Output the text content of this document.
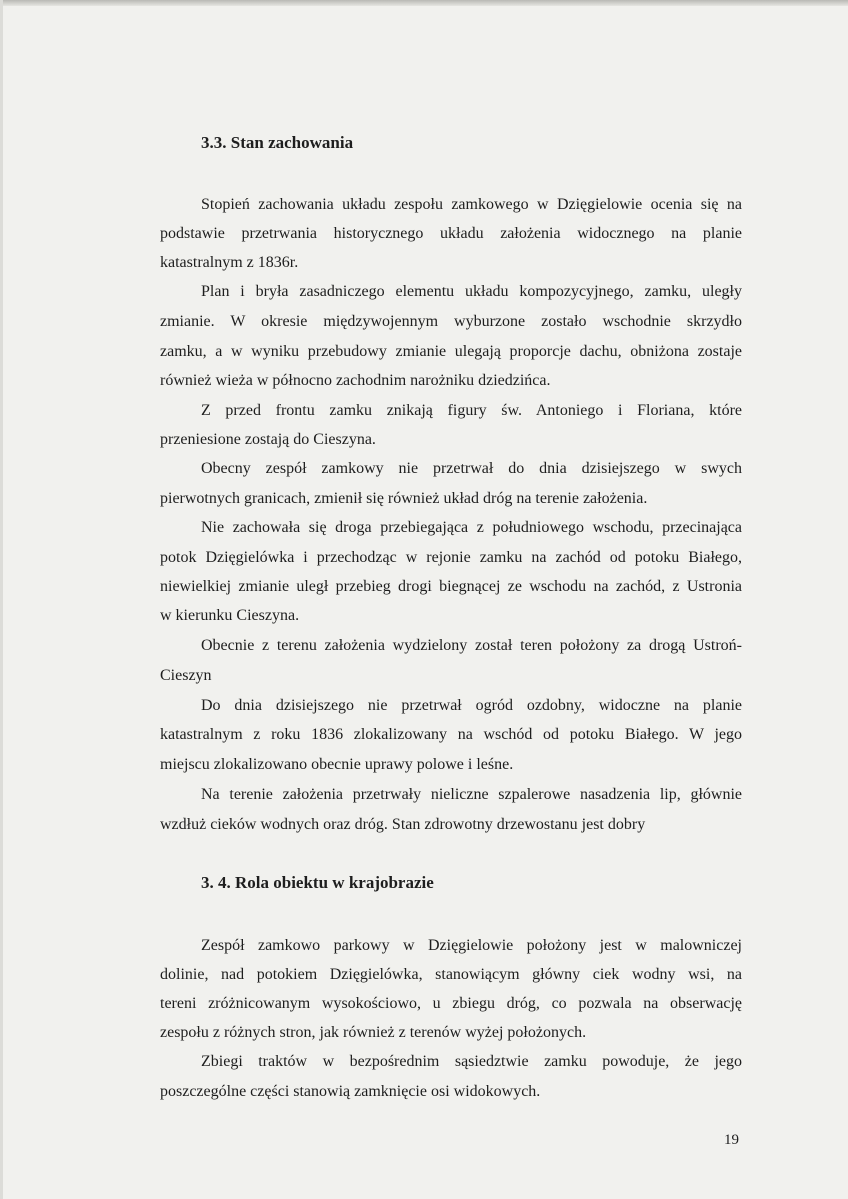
3.3. Stan zachowania
Stopień zachowania układu zespołu zamkowego w Dzięgielowie ocenia się na
podstawie przetrwania historycznego układu założenia widocznego na planie
katastralnym z 1836r.
Plan i bryła zasadniczego elementu układu kompozycyjnego, zamku, uległy
zmianie. W okresie międzywojennym wyburzone zostało wschodnie skrzydło
zamku, a w wyniku przebudowy zmianie ulegają proporcje dachu, obniżona zostaje
również wieża w północno zachodnim narożniku dziedzińca.
Z przed frontu zamku znikają figury św. Antoniego i Floriana, które
przeniesione zostają do Cieszyna.
Obecny zespół zamkowy nie przetrwał do dnia dzisiejszego w swych
pierwotnych granicach, zmienił się również układ dróg na terenie założenia.
Nie zachowała się droga przebiegająca z południowego wschodu, przecinająca
potok Dzięgielówka i przechodząc w rejonie zamku na zachód od potoku Białego,
niewielkiej zmianie uległ przebieg drogi biegnącej ze wschodu na zachód, z Ustronia
w kierunku Cieszyna.
Obecnie z terenu założenia wydzielony został teren położony za drogą Ustroń-
Cieszyn
Do dnia dzisiejszego nie przetrwał ogród ozdobny, widoczne na planie
katastralnym z roku 1836 zlokalizowany na wschód od potoku Białego. W jego
miejscu zlokalizowano obecnie uprawy polowe i leśne.
Na terenie założenia przetrwały nieliczne szpalerowe nasadzenia lip, głównie
wzdłuż cieków wodnych oraz dróg. Stan zdrowotny drzewostanu jest dobry
3. 4. Rola obiektu w krajobrazie
Zespół zamkowo parkowy w Dzięgielowie położony jest w malowniczej
dolinie, nad potokiem Dzięgielówka, stanowiącym główny ciek wodny wsi, na
tereni zróżnicowanym wysokościowo, u zbiegu dróg, co pozwala na obserwację
zespołu z różnych stron, jak również z terenów wyżej położonych.
Zbiegi traktów w bezpośrednim sąsiedztwie zamku powoduje, że jego
poszczególne części stanowią zamknięcie osi widokowych.
19
